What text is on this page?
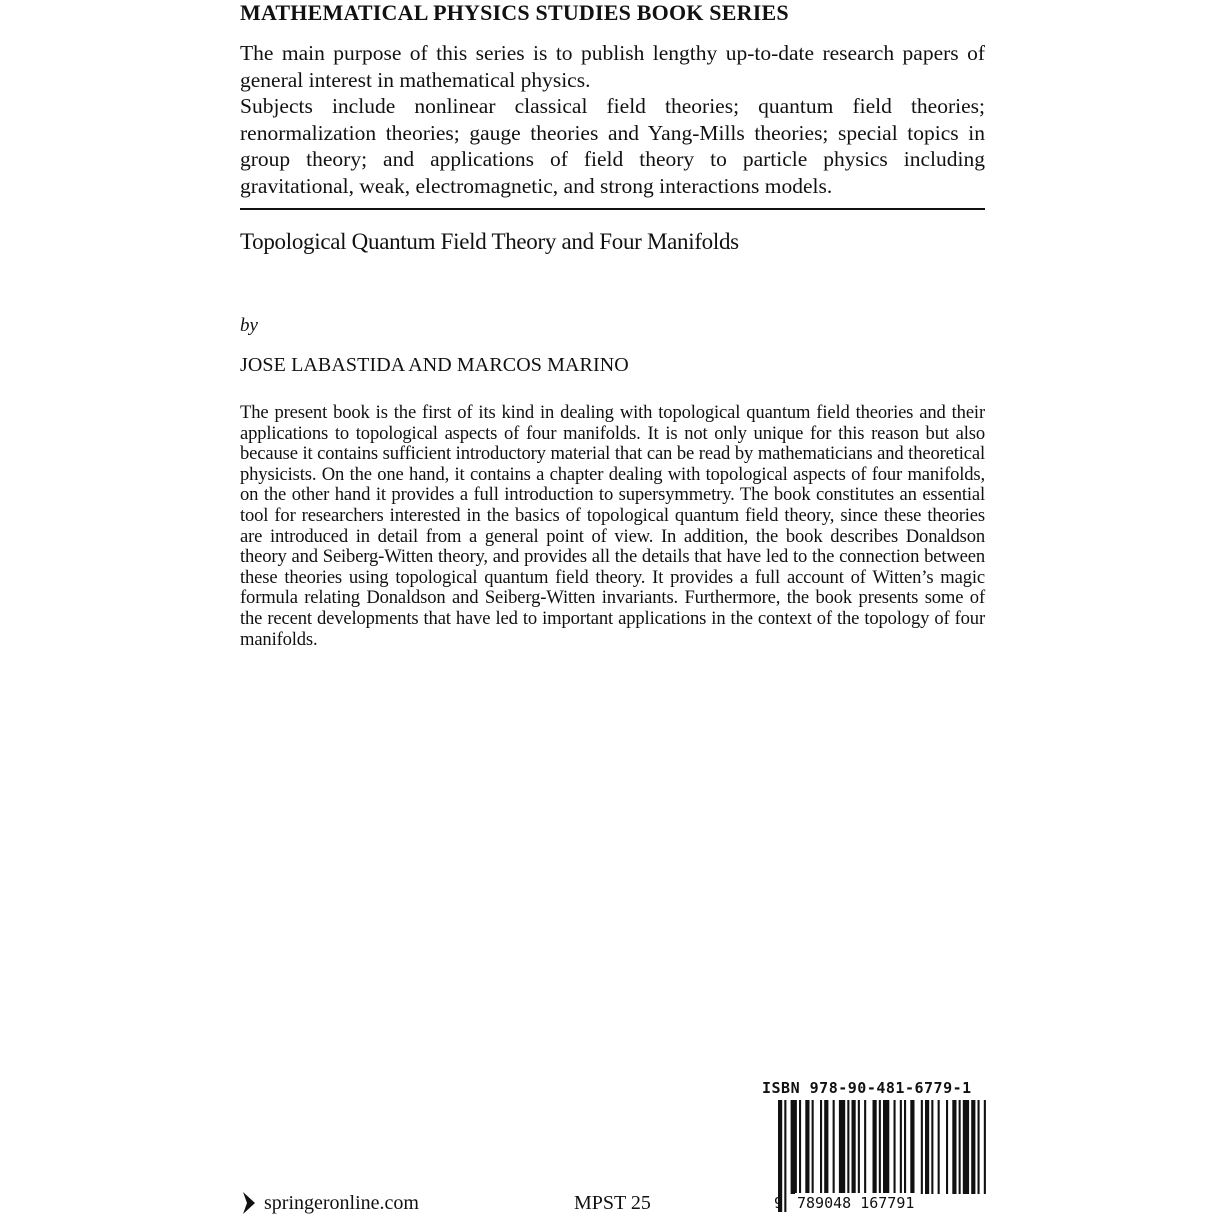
MATHEMATICAL PHYSICS STUDIES BOOK SERIES

The main purpose of this series is to publish lengthy up-to-date research papers of general interest in mathematical physics.

Subjects include nonlinear classical field theories; quantum field theories; renormalization theories; gauge theories and Yang-Mills theories; special topics in group theory; and applications of field theory to particle physics including gravitational, weak, electromagnetic, and strong interactions models.

Topological Quantum Field Theory and Four Manifolds
by
JOSE LABASTIDA AND MARCOS MARINO

The present book is the first of its kind in dealing with topological quantum field theories and their applications to topological aspects of four manifolds. It is not only unique for this reason but also because it contains sufficient introductory material that can be read by mathematicians and theoretical physicists. On the one hand, it contains a chapter dealing with topological aspects of four manifolds, on the other hand it provides a full introduction to supersymmetry. The book constitutes an essential tool for researchers interested in the basics of topological quantum field theory, since these theories are introduced in detail from a general point of view. In addition, the book describes Donaldson theory and Seiberg-Witten theory, and provides all the details that have led to the connection between these theories using topological quantum field theory. It provides a full account of Witten’s magic formula relating Donaldson and Seiberg-Witten invariants. Furthermore, the book presents some of the recent developments that have led to important applications in the context of the topology of four manifolds.

springeronline.com	MPST 25
ISBN 978-90-481-6779-1
9 789048 167791
